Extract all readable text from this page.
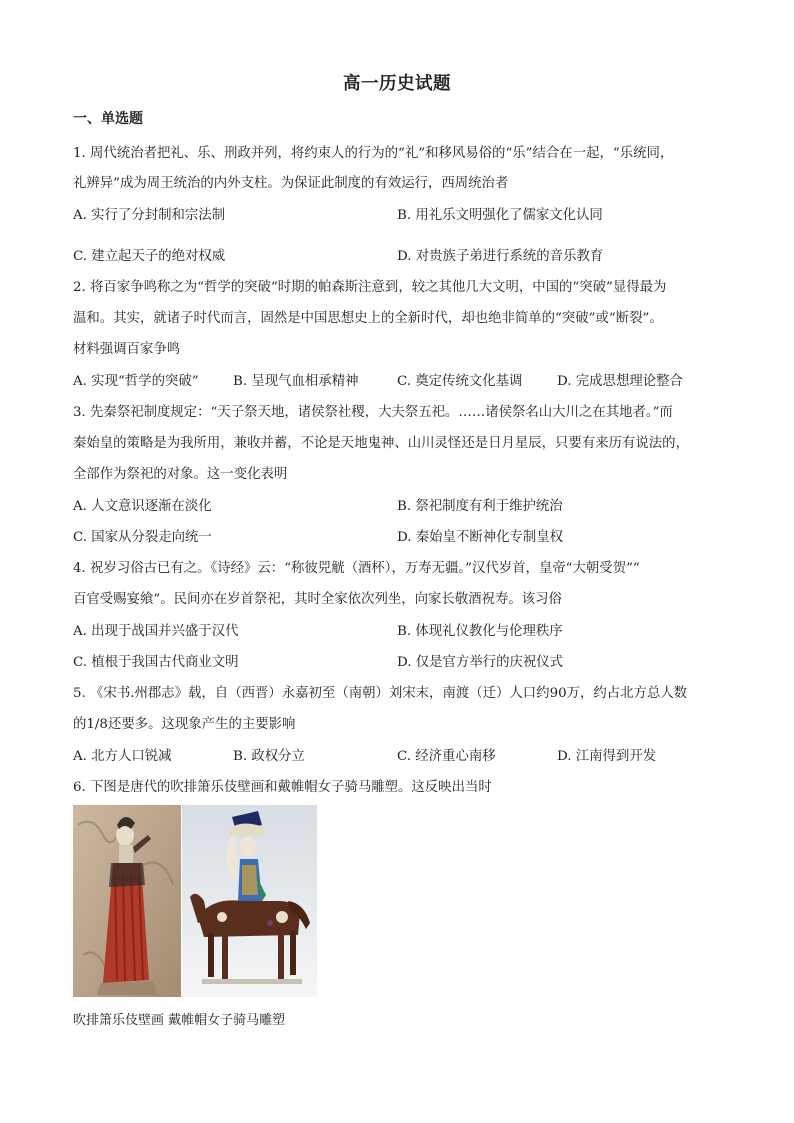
高一历史试题
一、单选题
1. 周代统治者把礼、乐、刑政并列，将约束人的行为的“礼”和移风易俗的“乐”结合在一起，“乐统同，
礼辨异”成为周王统治的内外支柱。为保证此制度的有效运行，西周统治者
A. 实行了分封制和宗法制	B. 用礼乐文明强化了儒家文化认同
C. 建立起天子的绝对权威	D. 对贵族子弟进行系统的音乐教育
2. 将百家争鸣称之为“哲学的突破”时期的帕森斯注意到，较之其他几大文明，中国的“突破”显得最为
温和。其实，就诸子时代而言，固然是中国思想史上的全新时代，却也绝非简单的“突破”或“断裂”。
材料强调百家争鸣
A. 实现“哲学的突破”	B. 呈现气血相承精神	C. 奠定传统文化基调	D. 完成思想理论整合
3. 先秦祭祀制度规定：“天子祭天地，诸侯祭社稷，大夫祭五祀。……诸侯祭名山大川之在其地者。”而
秦始皇的策略是为我所用，兼收并蓄，不论是天地鬼神、山川灵怪还是日月星辰，只要有来历有说法的，
全部作为祭祀的对象。这一变化表明
A. 人文意识逐渐在淡化	B. 祭祀制度有利于维护统治
C. 国家从分裂走向统一	D. 秦始皇不断神化专制皇权
4. 祝岁习俗古已有之。《诗经》云：“称彼兕觥（酒杯），万寿无疆。”汉代岁首，皇帝“大朝受贺”“
百官受赐宴飨”。民间亦在岁首祭祀，其时全家依次列坐，向家长敬酒祝寿。该习俗
A. 出现于战国并兴盛于汉代	B. 体现礼仪教化与伦理秩序
C. 植根于我国古代商业文明	D. 仅是官方举行的庆祝仪式
5. 《宋书.州郡志》载，自（西晋）永嘉初至（南朝）刘宋末，南渡（迁）人口约90万，约占北方总人数
的1/8还要多。这现象产生的主要影响
A. 北方人口锐减	B. 政权分立	C. 经济重心南移	D. 江南得到开发
6. 下图是唐代的吹排箫乐伎壁画和戴帷帽女子骑马雕塑。这反映出当时
吹排箫乐伎壁画 戴帷帽女子骑马雕塑
